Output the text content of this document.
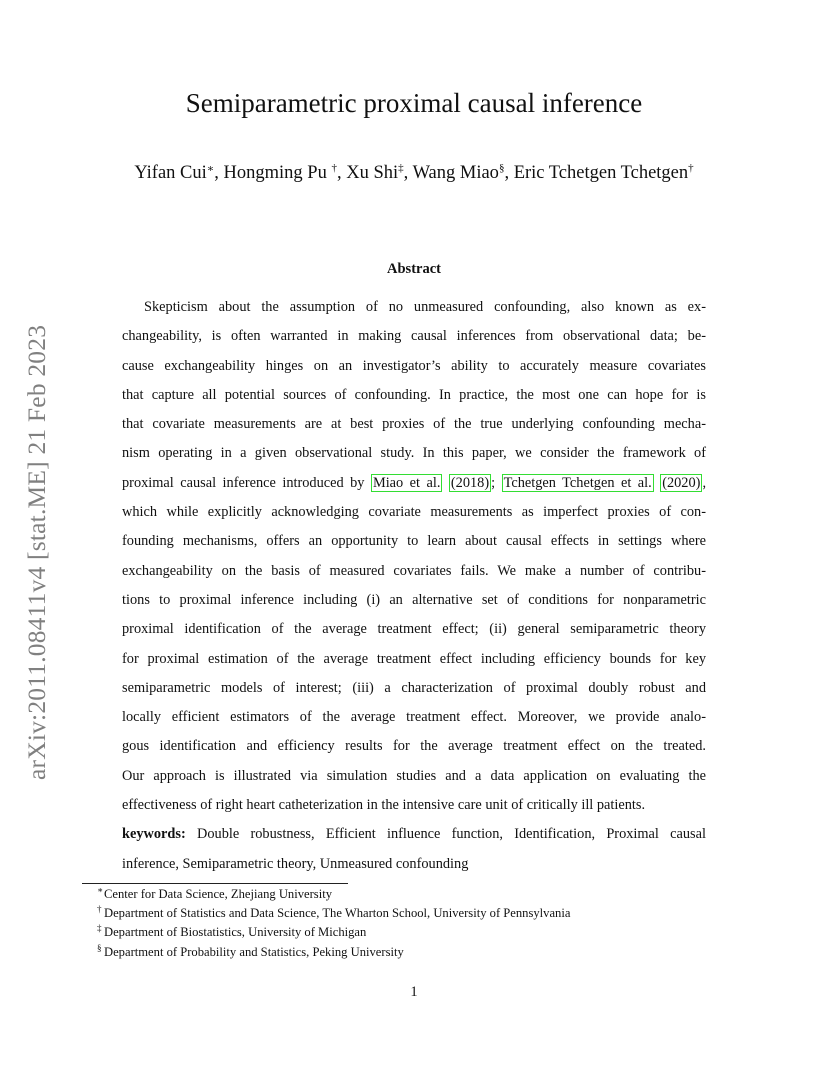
arXiv:2011.08411v4 [stat.ME] 21 Feb 2023
Semiparametric proximal causal inference
Yifan Cui∗, Hongming Pu †, Xu Shi‡, Wang Miao§, Eric Tchetgen Tchetgen†
Abstract
Skepticism about the assumption of no unmeasured confounding, also known as ex-
changeability, is often warranted in making causal inferences from observational data; be-
cause exchangeability hinges on an investigator’s ability to accurately measure covariates
that capture all potential sources of confounding. In practice, the most one can hope for is
that covariate measurements are at best proxies of the true underlying confounding mecha-
nism operating in a given observational study. In this paper, we consider the framework of
proximal causal inference introduced by Miao et al. (2018) ; Tchetgen Tchetgen et al. (2020) ,
which while explicitly acknowledging covariate measurements as imperfect proxies of con-
founding mechanisms, offers an opportunity to learn about causal effects in settings where
exchangeability on the basis of measured covariates fails. We make a number of contribu-
tions to proximal inference including (i) an alternative set of conditions for nonparametric
proximal identification of the average treatment effect; (ii) general semiparametric theory
for proximal estimation of the average treatment effect including efficiency bounds for key
semiparametric models of interest; (iii) a characterization of proximal doubly robust and
locally efficient estimators of the average treatment effect. Moreover, we provide analo-
gous identification and efficiency results for the average treatment effect on the treated.
Our approach is illustrated via simulation studies and a data application on evaluating the
effectiveness of right heart catheterization in the intensive care unit of critically ill patients.
keywords: Double robustness, Efficient influence function, Identification, Proximal causal
inference, Semiparametric theory, Unmeasured confounding
∗ Center for Data Science, Zhejiang University
† Department of Statistics and Data Science, The Wharton School, University of Pennsylvania
‡ Department of Biostatistics, University of Michigan
§ Department of Probability and Statistics, Peking University
1
